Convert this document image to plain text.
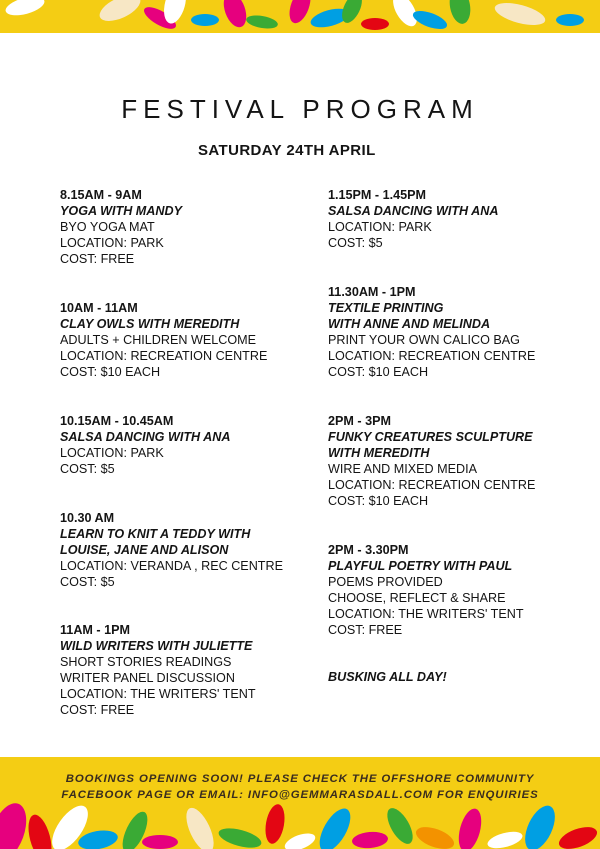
FESTIVAL PROGRAM
SATURDAY 24TH APRIL
8.15AM - 9AM
YOGA WITH MANDY
BYO YOGA MAT
LOCATION: PARK
COST: FREE
10AM - 11AM
CLAY OWLS WITH MEREDITH
ADULTS + CHILDREN WELCOME
LOCATION: RECREATION CENTRE
COST: $10 EACH
10.15AM - 10.45AM
SALSA DANCING WITH ANA
LOCATION: PARK
COST: $5
10.30 AM
LEARN TO KNIT A TEDDY WITH
LOUISE, JANE AND ALISON
LOCATION: VERANDA , REC CENTRE
COST: $5
11AM - 1PM
WILD WRITERS WITH JULIETTE
SHORT STORIES READINGS
WRITER PANEL DISCUSSION
LOCATION: THE WRITERS' TENT
COST: FREE
1.15PM - 1.45PM
SALSA DANCING WITH ANA
LOCATION: PARK
COST: $5
11.30AM - 1PM
TEXTILE PRINTING
WITH ANNE AND MELINDA
PRINT YOUR OWN CALICO BAG
LOCATION: RECREATION CENTRE
COST: $10 EACH
2PM - 3PM
FUNKY CREATURES SCULPTURE
WITH MEREDITH
WIRE AND MIXED MEDIA
LOCATION: RECREATION CENTRE
COST: $10 EACH
2PM - 3.30PM
PLAYFUL POETRY WITH PAUL
POEMS PROVIDED
CHOOSE, REFLECT & SHARE
LOCATION: THE WRITERS' TENT
COST: FREE
BUSKING ALL DAY!

BOOKINGS OPENING SOON! PLEASE CHECK THE OFFSHORE COMMUNITY
FACEBOOK PAGE OR EMAIL: INFO@GEMMARASDALL.COM FOR ENQUIRIES
